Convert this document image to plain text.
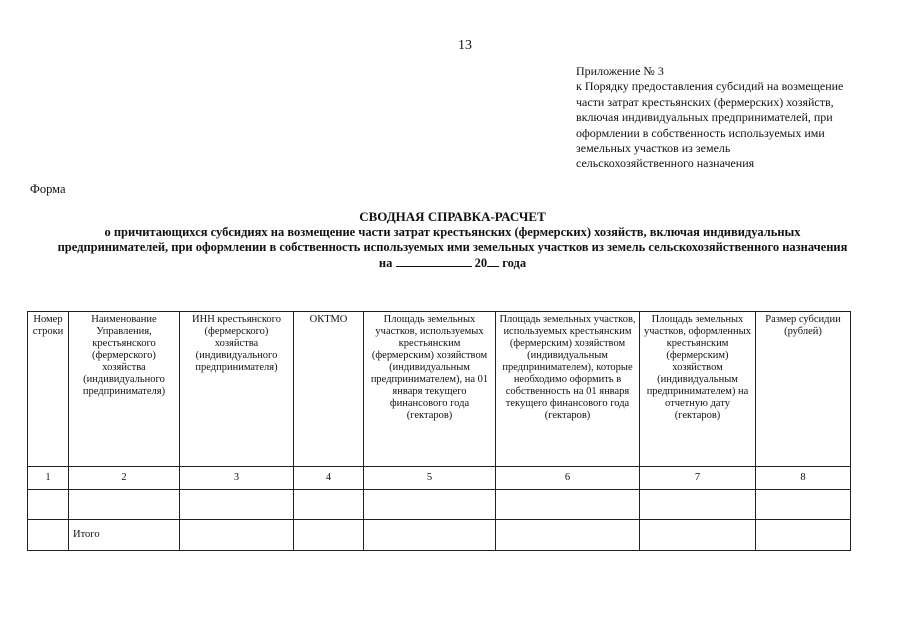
13
Приложение № 3
к Порядку предоставления субсидий на возмещение
части затрат крестьянских (фермерских) хозяйств,
включая индивидуальных предпринимателей, при
оформлении в собственность используемых ими
земельных участков из земель
сельскохозяйственного назначения
Форма
СВОДНАЯ СПРАВКА-РАСЧЕТ
о причитающихся субсидиях на возмещение части затрат крестьянских (фермерских) хозяйств, включая индивидуальных
предпринимателей, при оформлении в собственность используемых ими земельных участков из земель сельскохозяйственного назначения
на	20 года
Номер строки	Наименование Управления, крестьянского (фермерского) хозяйства (индивидуального предпринимателя)	ИНН крестьянского (фермерского) хозяйства (индивидуального предпринимателя)	ОКТМО	Площадь земельных участков, используемых крестьянским (фермерским) хозяйством (индивидуальным предпринимателем), на 01 января текущего финансового года (гектаров)	Площадь земельных участков, используемых крестьянским (фермерским) хозяйством (индивидуальным предпринимателем), которые необходимо оформить в собственность на 01 января текущего финансового года (гектаров)	Площадь земельных участков, оформленных крестьянским (фермерским) хозяйством (индивидуальным предпринимателем) на отчетную дату (гектаров)	Размер субсидии (рублей)
1	2	3	4	5	6	7	8

	Итого						
